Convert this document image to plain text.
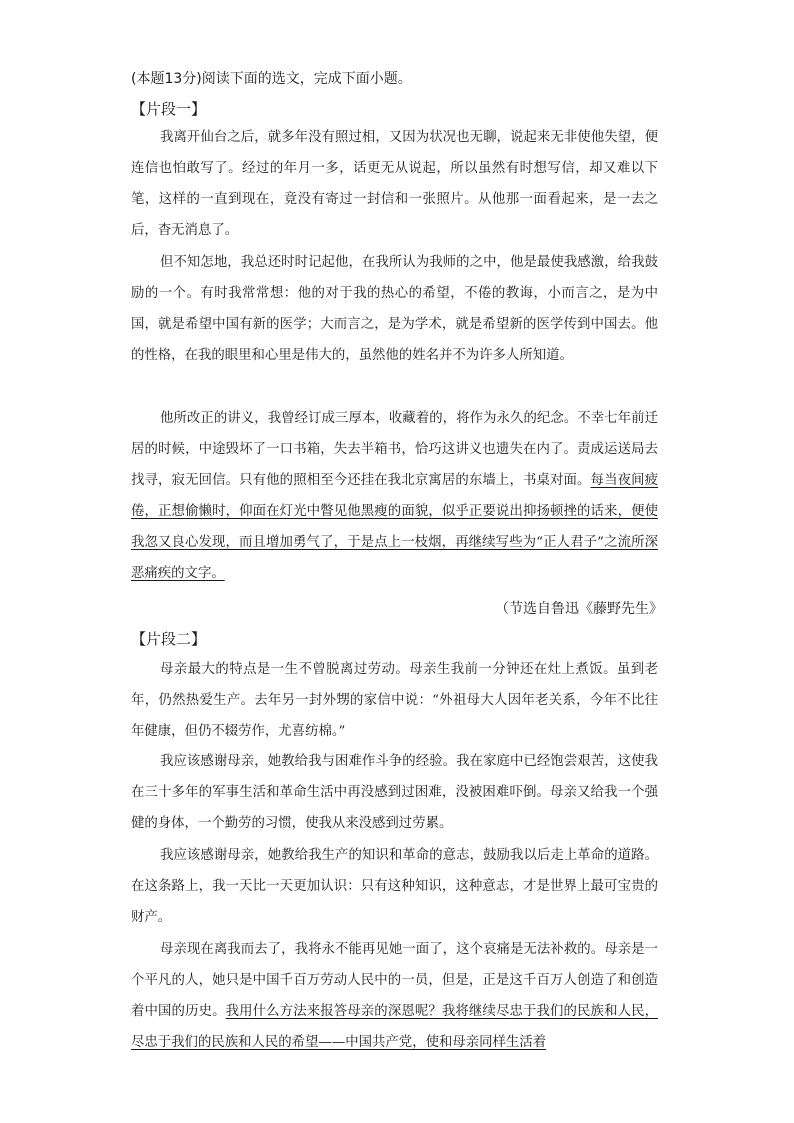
(本题13分)阅读下面的选文，完成下面小题。
【片段一】

我离开仙台之后，就多年没有照过相，又因为状况也无聊，说起来无非使他失望，便连信也怕敢写了。经过的年月一多，话更无从说起，所以虽然有时想写信，却又难以下笔，这样的一直到现在，竟没有寄过一封信和一张照片。从他那一面看起来，是一去之后，杳无消息了。

但不知怎地，我总还时时记起他，在我所认为我师的之中，他是最使我感激，给我鼓励的一个。有时我常常想：他的对于我的热心的希望，不倦的教诲，小而言之，是为中国，就是希望中国有新的医学；大而言之，是为学术，就是希望新的医学传到中国去。他的性格，在我的眼里和心里是伟大的，虽然他的姓名并不为许多人所知道。

他所改正的讲义，我曾经订成三厚本，收藏着的，将作为永久的纪念。不幸七年前迁居的时候，中途毁坏了一口书箱，失去半箱书，恰巧这讲义也遗失在内了。责成运送局去找寻，寂无回信。只有他的照相至今还挂在我北京寓居的东墙上，书桌对面。每当夜间疲倦，正想偷懒时，仰面在灯光中瞥见他黑瘦的面貌，似乎正要说出抑扬顿挫的话来，便使我忽又良心发现，而且增加勇气了，于是点上一枝烟，再继续写些为“正人君子”之流所深恶痛疾的文字。

（节选自鲁迅《藤野先生》
【片段二】

母亲最大的特点是一生不曾脱离过劳动。母亲生我前一分钟还在灶上煮饭。虽到老年，仍然热爱生产。去年另一封外甥的家信中说：“外祖母大人因年老关系，今年不比往年健康，但仍不辍劳作，尤喜纺棉。”

我应该感谢母亲，她教给我与困难作斗争的经验。我在家庭中已经饱尝艰苦，这使我在三十多年的军事生活和革命生活中再没感到过困难，没被困难吓倒。母亲又给我一个强健的身体，一个勤劳的习惯，使我从来没感到过劳累。

我应该感谢母亲，她教给我生产的知识和革命的意志，鼓励我以后走上革命的道路。在这条路上，我一天比一天更加认识：只有这种知识，这种意志，才是世界上最可宝贵的财产。

母亲现在离我而去了，我将永不能再见她一面了，这个哀痛是无法补救的。母亲是一个平凡的人，她只是中国千百万劳动人民中的一员，但是，正是这千百万人创造了和创造着中国的历史。我用什么方法来报答母亲的深恩呢？我将继续尽忠于我们的民族和人民，尽忠于我们的民族和人民的希望——中国共产党，使和母亲同样生活着
